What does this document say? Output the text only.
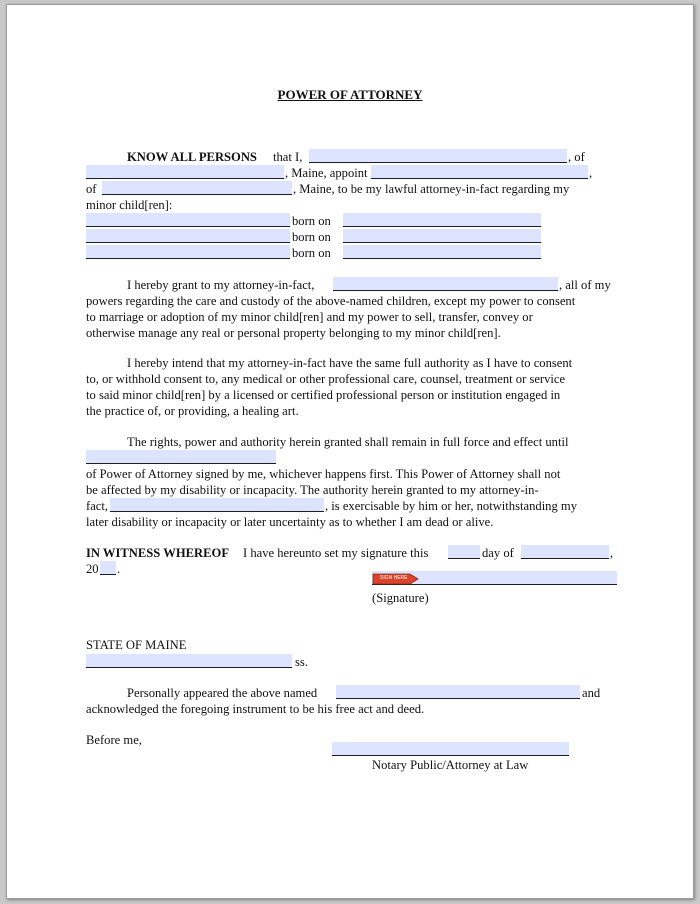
POWER OF ATTORNEY
KNOW ALL PERSONS that I,	, of
, Maine, appoint	,
of	, Maine, to be my lawful attorney-in-fact regarding my
minor child[ren]:
born on
born on
born on
I hereby grant to my attorney-in-fact,	, all of my
powers regarding the care and custody of the above-named children, except my power to consent
to marriage or adoption of my minor child[ren] and my power to sell, transfer, convey or
otherwise manage any real or personal property belonging to my minor child[ren].
I hereby intend that my attorney-in-fact have the same full authority as I have to consent
to, or withhold consent to, any medical or other professional care, counsel, treatment or service
to said minor child[ren] by a licensed or certified professional person or institution engaged in
the practice of, or providing, a healing art.
The rights, power and authority herein granted shall remain in full force and effect until
of Power of Attorney signed by me, whichever happens first. This Power of Attorney shall not
be affected by my disability or incapacity. The authority herein granted to my attorney-in-
fact,	, is exercisable by him or her, notwithstanding my
later disability or incapacity or later uncertainty as to whether I am dead or alive.
IN WITNESS WHEREOF I have hereunto set my signature this	day of	,
20 .
SIGN HERE
(Signature)
STATE OF MAINE
ss.
Personally appeared the above named	and
acknowledged the foregoing instrument to be his free act and deed.
Before me,
Notary Public/Attorney at Law
